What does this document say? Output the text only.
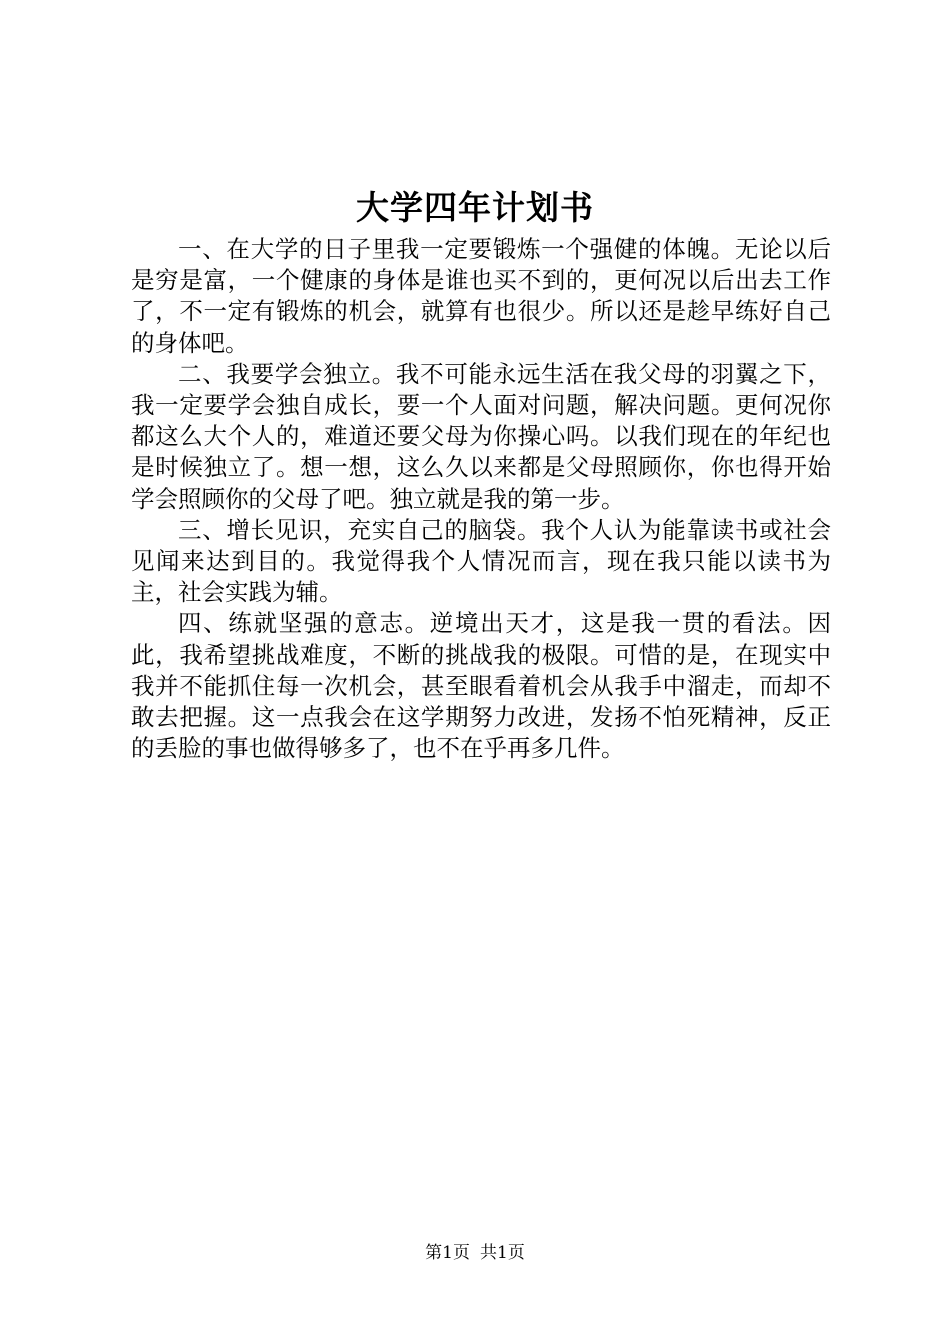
大学四年计划书

一、在大学的日子里我一定要锻炼一个强健的体魄。无论以后是穷是富，一个健康的身体是谁也买不到的，更何况以后出去工作了，不一定有锻炼的机会，就算有也很少。所以还是趁早练好自己的身体吧。

二、我要学会独立。我不可能永远生活在我父母的羽翼之下，我一定要学会独自成长，要一个人面对问题，解决问题。更何况你都这么大个人的，难道还要父母为你操心吗。以我们现在的年纪也是时候独立了。想一想，这么久以来都是父母照顾你，你也得开始学会照顾你的父母了吧。独立就是我的第一步。

三、增长见识，充实自己的脑袋。我个人认为能靠读书或社会见闻来达到目的。我觉得我个人情况而言，现在我只能以读书为主，社会实践为辅。

四、练就坚强的意志。逆境出天才，这是我一贯的看法。因此，我希望挑战难度，不断的挑战我的极限。可惜的是，在现实中我并不能抓住每一次机会，甚至眼看着机会从我手中溜走，而却不敢去把握。这一点我会在这学期努力改进，发扬不怕死精神，反正的丢脸的事也做得够多了，也不在乎再多几件。

第1页 共1页
